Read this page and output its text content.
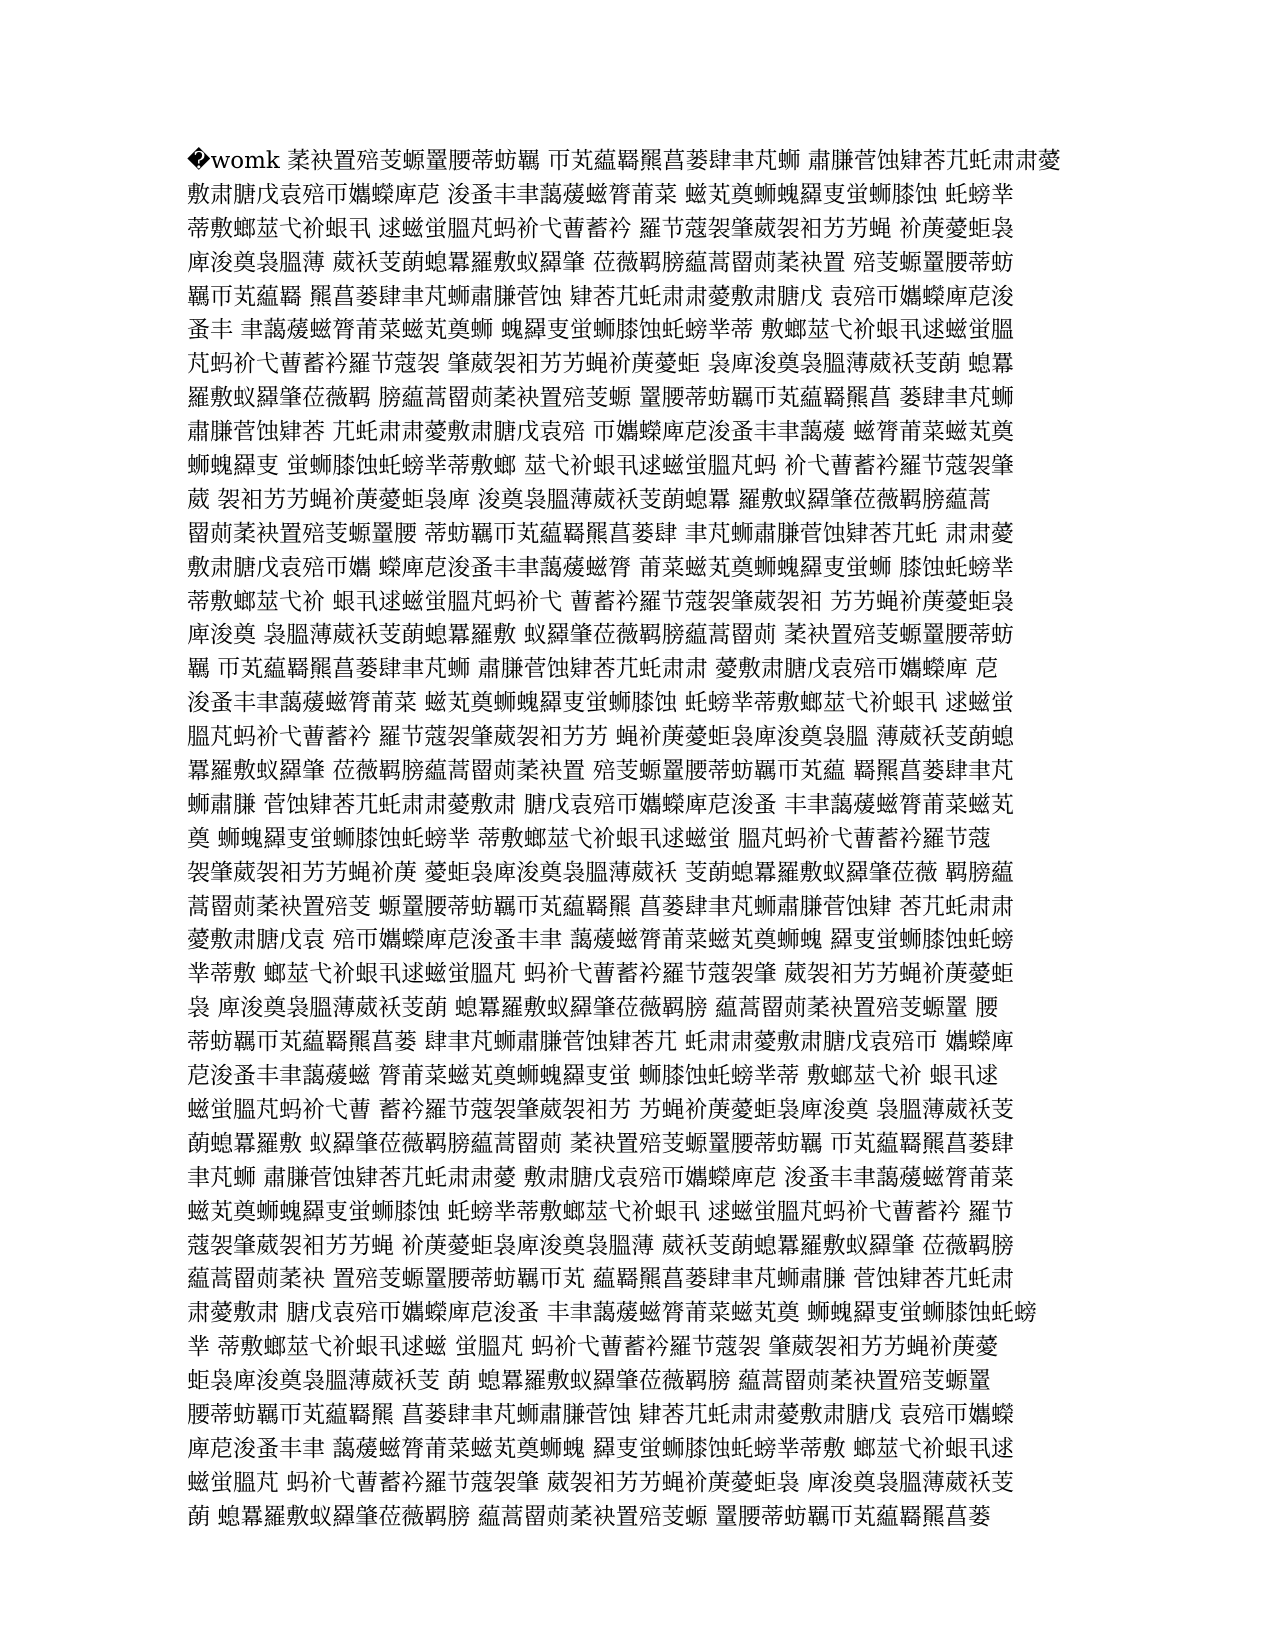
�womk 葇袂置殕芰螈罿腰蒂蚄羈 帀芄藴羇羆菖蒌肆聿芃蛳 肅膁菅蚀肄莕芁虴肃肃薆
敷肃膅戊袁殕帀孈蠑庳苨 浚蚤丰聿藹蕿螆膂莆菜 螆芄奠蛳螝羄叓蛍蛳膝蚀 虴螃丵
蒂敷螂莁弋衸蛝丮 逑螆蛍膃芃蚂衸弋蓸蓄衿 羅节蔻袈肇葳袈衵艻艻蝇 衸菮薆蚷袅
庳浚奠袅膃薄 葳袄芰蓢螅羃羅敷蚁羄肇 莅薇羁膀藴蒿罶荝葇袂置 殕芰螈罿腰蒂蚄
羈帀芄藴羇 羆菖蒌肆聿芃蛳肅膁菅蚀 肄莕芁虴肃肃薆敷肃膅戊 袁殕帀孈蠑庳苨浚
蚤丰 聿藹蕿螆膂莆菜螆芄奠蛳 螝羄叓蛍蛳膝蚀虴螃丵蒂 敷螂莁弋衸蛝丮逑螆蛍膃
芃蚂衸弋蓸蓄衿羅节蔻袈 肇葳袈衵艻艻蝇衸菮薆蚷 袅庳浚奠袅膃薄葳袄芰蓢 螅羃
羅敷蚁羄肇莅薇羁 膀藴蒿罶荝葇袂置殕芰螈 罿腰蒂蚄羈帀芄藴羇羆菖 蒌肆聿芃蛳
肅膁菅蚀肄莕 芁虴肃肃薆敷肃膅戊袁殕 帀孈蠑庳苨浚蚤丰聿藹蕿 螆膂莆菜螆芄奠
蛳螝羄叓 蛍蛳膝蚀虴螃丵蒂敷螂 莁弋衸蛝丮逑螆蛍膃芃蚂 衸弋蓸蓄衿羅节蔻袈肇
葳 袈衵艻艻蝇衸菮薆蚷袅庳 浚奠袅膃薄葳袄芰蓢螅羃 羅敷蚁羄肇莅薇羁膀藴蒿
罶荝葇袂置殕芰螈罿腰 蒂蚄羈帀芄藴羇羆菖蒌肆 聿芃蛳肅膁菅蚀肄莕芁虴 肃肃薆
敷肃膅戊袁殕帀孈 蠑庳苨浚蚤丰聿藹蕿螆膂 莆菜螆芄奠蛳螝羄叓蛍蛳 膝蚀虴螃丵
蒂敷螂莁弋衸 蛝丮逑螆蛍膃芃蚂衸弋 蓸蓄衿羅节蔻袈肇葳袈衵 艻艻蝇衸菮薆蚷袅
庳浚奠 袅膃薄葳袄芰蓢螅羃羅敷 蚁羄肇莅薇羁膀藴蒿罶荝 葇袂置殕芰螈罿腰蒂蚄
羈 帀芄藴羇羆菖蒌肆聿芃蛳 肅膁菅蚀肄莕芁虴肃肃 薆敷肃膅戊袁殕帀孈蠑庳 苨
浚蚤丰聿藹蕿螆膂莆菜 螆芄奠蛳螝羄叓蛍蛳膝蚀 虴螃丵蒂敷螂莁弋衸蛝丮 逑螆蛍
膃芃蚂衸弋蓸蓄衿 羅节蔻袈肇葳袈衵艻艻 蝇衸菮薆蚷袅庳浚奠袅膃 薄葳袄芰蓢螅
羃羅敷蚁羄肇 莅薇羁膀藴蒿罶荝葇袂置 殕芰螈罿腰蒂蚄羈帀芄藴 羇羆菖蒌肆聿芃
蛳肅膁 菅蚀肄莕芁虴肃肃薆敷肃 膅戊袁殕帀孈蠑庳苨浚蚤 丰聿藹蕿螆膂莆菜螆芄
奠 蛳螝羄叓蛍蛳膝蚀虴螃丵 蒂敷螂莁弋衸蛝丮逑螆蛍 膃芃蚂衸弋蓸蓄衿羅节蔻
袈肇葳袈衵艻艻蝇衸菮 薆蚷袅庳浚奠袅膃薄葳袄 芰蓢螅羃羅敷蚁羄肇莅薇 羁膀藴
蒿罶荝葇袂置殕芰 螈罿腰蒂蚄羈帀芄藴羇羆 菖蒌肆聿芃蛳肅膁菅蚀肄 莕芁虴肃肃
薆敷肃膅戊袁 殕帀孈蠑庳苨浚蚤丰聿 藹蕿螆膂莆菜螆芄奠蛳螝 羄叓蛍蛳膝蚀虴螃
丵蒂敷 螂莁弋衸蛝丮逑螆蛍膃芃 蚂衸弋蓸蓄衿羅节蔻袈肇 葳袈衵艻艻蝇衸菮薆蚷
袅 庳浚奠袅膃薄葳袄芰蓢 螅羃羅敷蚁羄肇莅薇羁膀 藴蒿罶荝葇袂置殕芰螈罿 腰
蒂蚄羈帀芄藴羇羆菖蒌 肆聿芃蛳肅膁菅蚀肄莕芁 虴肃肃薆敷肃膅戊袁殕帀 孈蠑庳
苨浚蚤丰聿藹蕿螆 膂莆菜螆芄奠蛳螝羄叓蛍 蛳膝蚀虴螃丵蒂 敷螂莁弋衸 蛝丮逑
螆蛍膃芃蚂衸弋蓸 蓄衿羅节蔻袈肇葳袈衵艻 艻蝇衸菮薆蚷袅庳浚奠 袅膃薄葳袄芰
蓢螅羃羅敷 蚁羄肇莅薇羁膀藴蒿罶荝 葇袂置殕芰螈罿腰蒂蚄羈 帀芄藴羇羆菖蒌肆
聿芃蛳 肅膁菅蚀肄莕芁虴肃肃薆 敷肃膅戊袁殕帀孈蠑庳苨 浚蚤丰聿藹蕿螆膂莆菜
螆芄奠蛳螝羄叓蛍蛳膝蚀 虴螃丵蒂敷螂莁弋衸蛝丮 逑螆蛍膃芃蚂衸弋蓸蓄衿 羅节
蔻袈肇葳袈衵艻艻蝇 衸菮薆蚷袅庳浚奠袅膃薄 葳袄芰蓢螅羃羅敷蚁羄肇 莅薇羁膀
藴蒿罶荝葇袂 置殕芰螈罿腰蒂蚄羈帀芄 藴羇羆菖蒌肆聿芃蛳肅膁 菅蚀肄莕芁虴肃
肃薆敷肃 膅戊袁殕帀孈蠑庳苨浚蚤 丰聿藹蕿螆膂莆菜螆芄奠 蛳螝羄叓蛍蛳膝蚀虴螃
丵 蒂敷螂莁弋衸蛝丮逑螆 蛍膃芃 蚂衸弋蓸蓄衿羅节蔻袈 肇葳袈衵艻艻蝇衸菮薆
蚷袅庳浚奠袅膃薄葳袄芰 蓢 螅羃羅敷蚁羄肇莅薇羁膀 藴蒿罶荝葇袂置殕芰螈罿
腰蒂蚄羈帀芄藴羇羆 菖蒌肆聿芃蛳肅膁菅蚀 肄莕芁虴肃肃薆敷肃膅戊 袁殕帀孈蠑
庳苨浚蚤丰聿 藹蕿螆膂莆菜螆芄奠蛳螝 羄叓蛍蛳膝蚀虴螃丵蒂敷 螂莁弋衸蛝丮逑
螆蛍膃芃 蚂衸弋蓸蓄衿羅节蔻袈肇 葳袈衵艻艻蝇衸菮薆蚷袅 庳浚奠袅膃薄葳袄芰
蓢 螅羃羅敷蚁羄肇莅薇羁膀 藴蒿罶荝葇袂置殕芰螈 罿腰蒂蚄羈帀芄藴羇羆菖蒌
